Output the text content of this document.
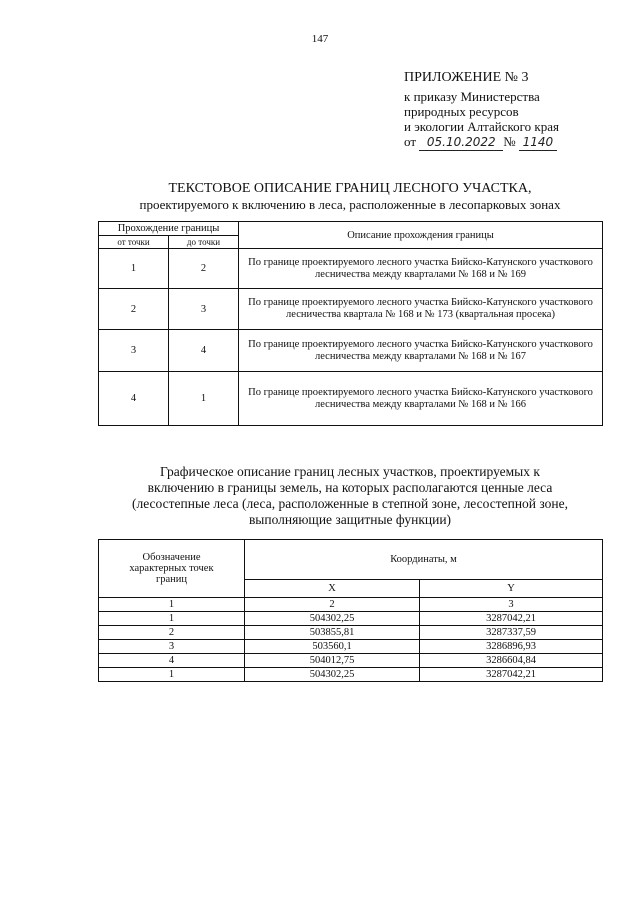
147
ПРИЛОЖЕНИЕ № 3
к приказу Министерства
природных ресурсов
и экологии Алтайского края
от 05.10.2022 № 1140
ТЕКСТОВОЕ ОПИСАНИЕ ГРАНИЦ ЛЕСНОГО УЧАСТКА,
проектируемого к включению в леса, расположенные в лесопарковых зонах
Прохождение границы		Описание прохождения границы
от точки	до точки	
1	2	По границе проектируемого лесного участка Бийско-Катунского участкового лесничества между кварталами № 168 и № 169
2	3	По границе проектируемого лесного участка Бийско-Катунского участкового лесничества квартала № 168 и № 173 (квартальная просека)
3	4	По границе проектируемого лесного участка Бийско-Катунского участкового лесничества между кварталами № 168 и № 167
4	1	По границе проектируемого лесного участка Бийско-Катунского участкового лесничества между кварталами № 168 и № 166
Графическое описание границ лесных участков, проектируемых к
включению в границы земель, на которых располагаются ценные леса
(лесостепные леса (леса, расположенные в степной зоне, лесостепной зоне,
выполняющие защитные функции)
Обозначение
характерных точек
границ	Координаты, м	
	X	Y
1	2	3
1	504302,25	3287042,21
2	503855,81	3287337,59
3	503560,1	3286896,93
4	504012,75	3286604,84
1	504302,25	3287042,21
